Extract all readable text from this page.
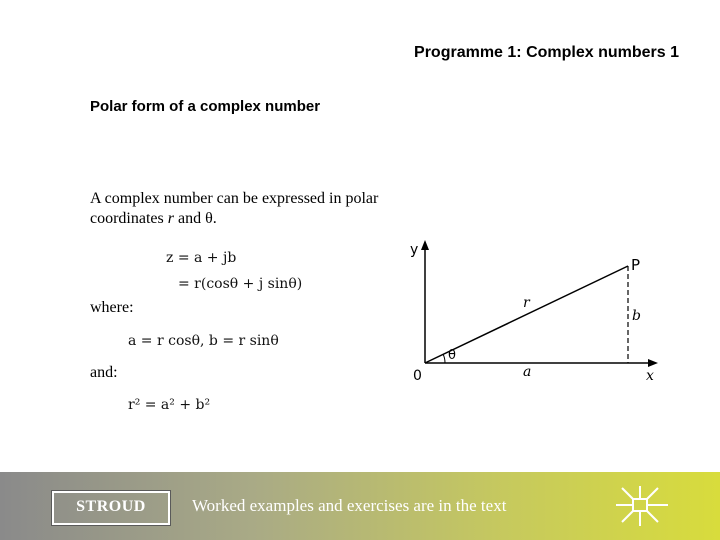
Programme 1: Complex numbers 1
Polar form of a complex number
A complex number can be expressed in polar coordinates r and θ.
z = a + jb
= r(cosθ + j sinθ)
where:
a = r cosθ, b = r sinθ
and:
r² = a² + b²
y
P
r
b
θ
0	a	x
STROUD	Worked examples and exercises are in the text
